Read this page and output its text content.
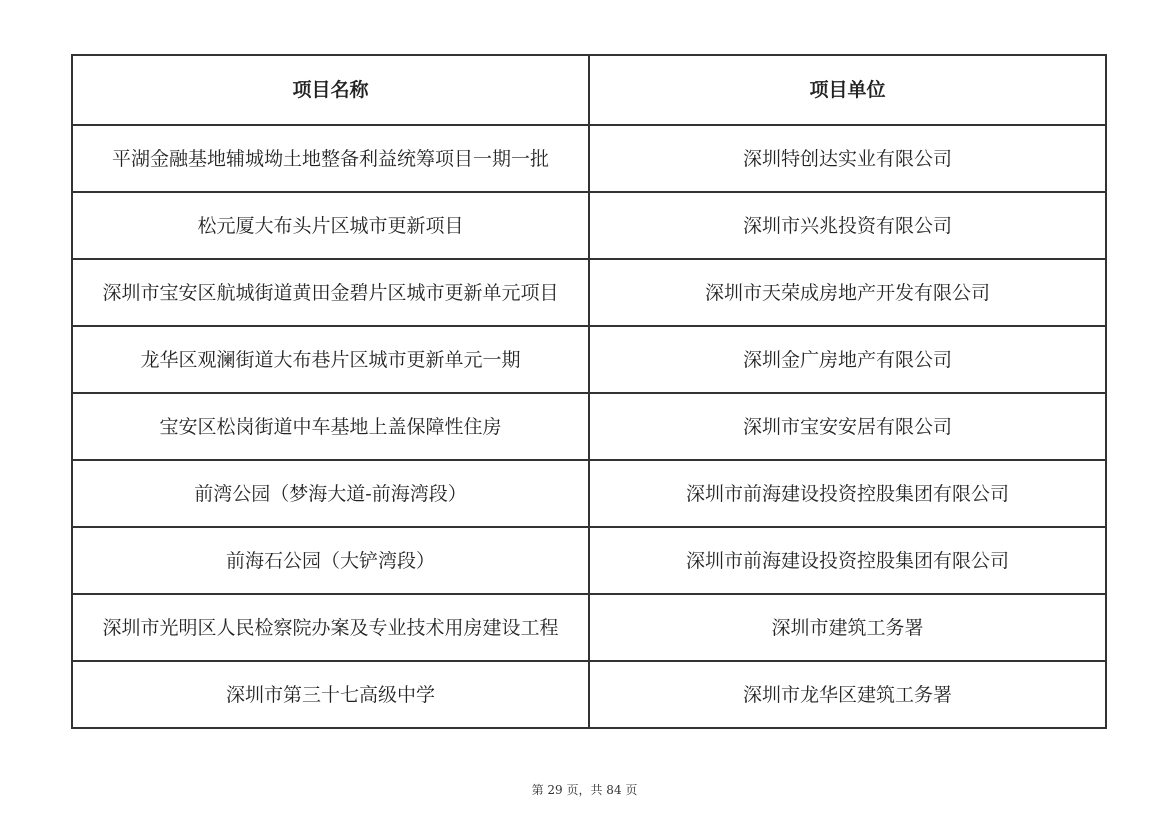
项目名称	项目单位
平湖金融基地辅城坳土地整备利益统筹项目一期一批	深圳特创达实业有限公司
松元厦大布头片区城市更新项目	深圳市兴兆投资有限公司
深圳市宝安区航城街道黄田金碧片区城市更新单元项目	深圳市天荣成房地产开发有限公司
龙华区观澜街道大布巷片区城市更新单元一期	深圳金广房地产有限公司
宝安区松岗街道中车基地上盖保障性住房	深圳市宝安安居有限公司
前湾公园（梦海大道-前海湾段）	深圳市前海建设投资控股集团有限公司
前海石公园（大铲湾段）	深圳市前海建设投资控股集团有限公司
深圳市光明区人民检察院办案及专业技术用房建设工程	深圳市建筑工务署
深圳市第三十七高级中学	深圳市龙华区建筑工务署
第 29 页，共 84 页
